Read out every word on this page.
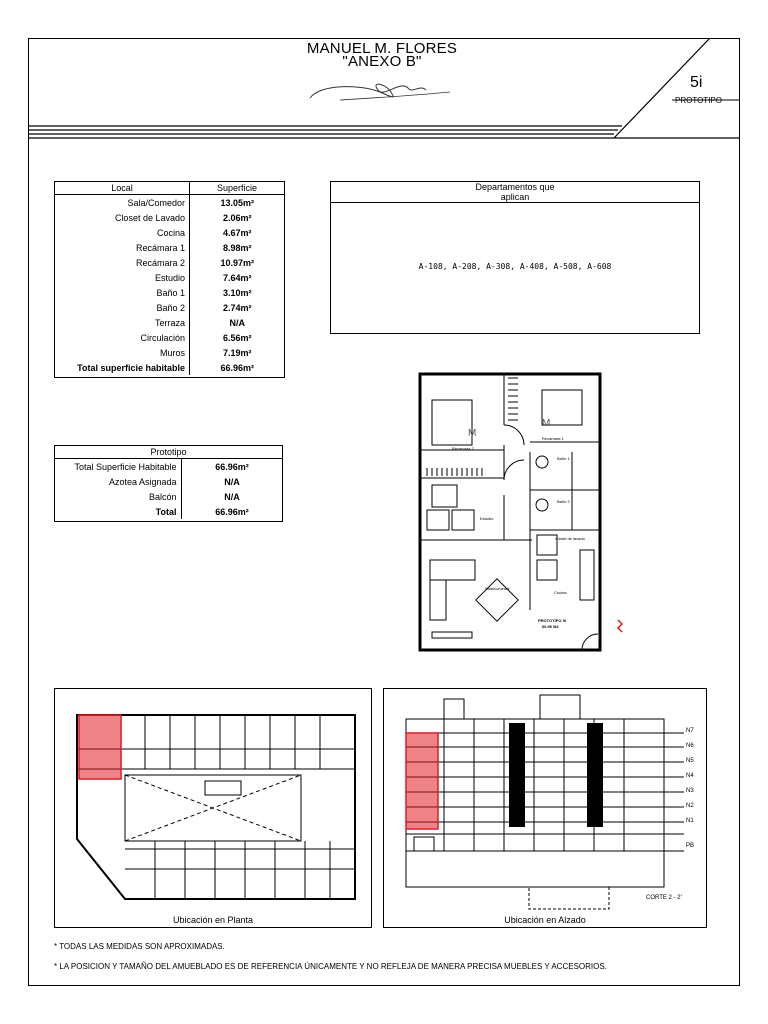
MANUEL M. FLORES
"ANEXO B"
5i
PROTOTIPO
Local	Superficie
Sala/Comedor	13.05m²
Closet de Lavado	2.06m²
Cocina	4.67m²
Recámara 1	8.98m²
Recámara 2	10.97m²
Estudio	7.64m²
Baño 1	3.10m²
Baño 2	2.74m²
Terraza	N/A
Circulación	6.56m²
Muros	7.19m²
Total superficie habitable	66.96m²
Departamentos que
aplican
A-108, A-208, A-308, A-408, A-508, A-608
Prototipo	
Total Superficie Habitable	66.96m²
Azotea Asignada	N/A
Balcón	N/A
Total	66.96m²
M
M
Recamara 2
Recamara 1
Estudio
Baño 1
Baño 2
Closet de lavado
Sala/comedor
Cocina
PROTOTIPO 5i
66.96 M2
Ubicación en Planta
N7
N6
N5
N4
N3
N2
N1
PB
CORTE 2 - 2'
Ubicación en Alzado
* TODAS LAS MEDIDAS SON APROXIMADAS.
* LA POSICION Y TAMAÑO DEL AMUEBLADO ES DE REFERENCIA ÚNICAMENTE Y NO REFLEJA DE MANERA PRECISA MUEBLES Y ACCESORIOS.
